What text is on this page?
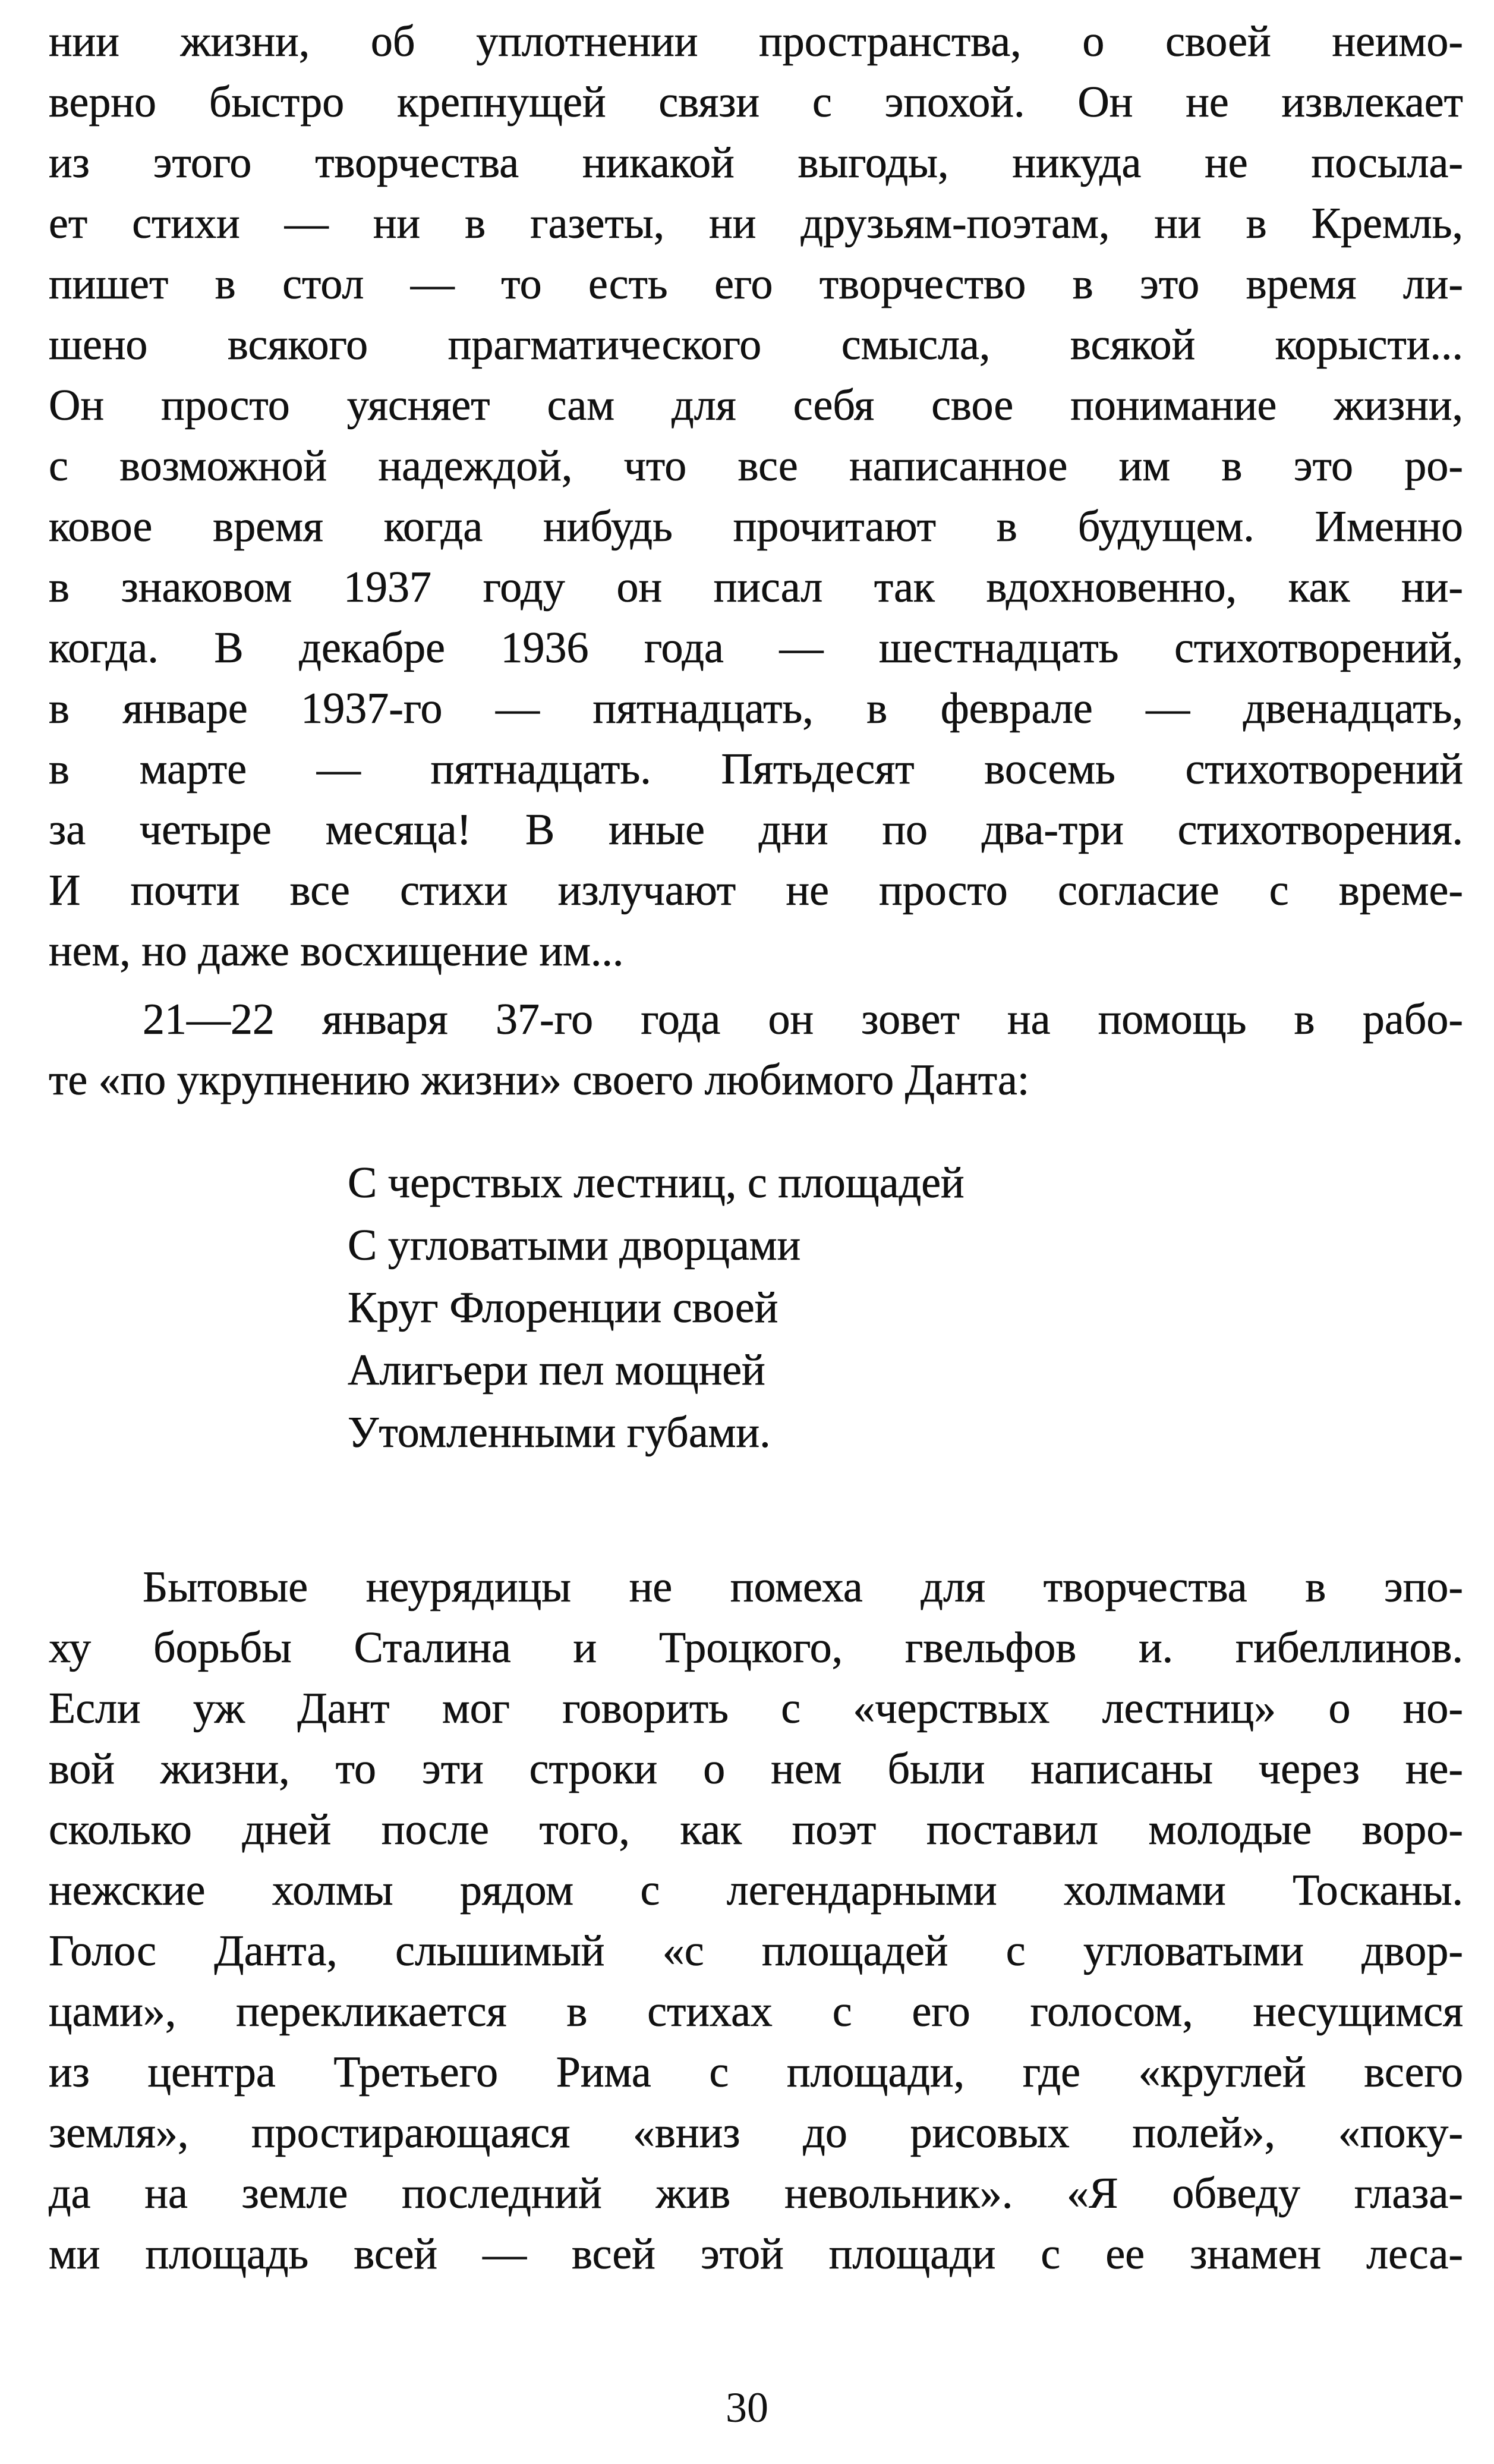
нии жизни, об уплотнении пространства, о своей неимо-
верно быстро крепнущей связи с эпохой. Он не извлекает
из этого творчества никакой выгоды, никуда не посыла-
ет стихи — ни в газеты, ни друзьям-поэтам, ни в Кремль,
пишет в стол — то есть его творчество в это время ли-
шено всякого прагматического смысла, всякой корысти...
Он просто уясняет сам для себя свое понимание жизни,
с возможной надеждой, что все написанное им в это ро-
ковое время когда нибудь прочитают в будущем. Именно
в знаковом 1937 году он писал так вдохновенно, как ни-
когда. В декабре 1936 года — шестнадцать стихотворений,
в январе 1937-го — пятнадцать, в феврале — двенадцать,
в марте — пятнадцать. Пятьдесят восемь стихотворений
за четыре месяца! В иные дни по два-три стихотворения.
И почти все стихи излучают не просто согласие с време-
нем, но даже восхищение им...
21—22 января 37-го года он зовет на помощь в рабо-
те «по укрупнению жизни» своего любимого Данта:
С черствых лестниц, с площадей
С угловатыми дворцами
Круг Флоренции своей
Алигьери пел мощней
Утомленными губами.
Бытовые неурядицы не помеха для творчества в эпо-
ху борьбы Сталина и Троцкого, гвельфов и. гибеллинов.
Если уж Дант мог говорить с «черствых лестниц» о но-
вой жизни, то эти строки о нем были написаны через не-
сколько дней после того, как поэт поставил молодые воро-
нежские холмы рядом с легендарными холмами Тосканы.
Голос Данта, слышимый «с площадей с угловатыми двор-
цами», перекликается в стихах с его голосом, несущимся
из центра Третьего Рима с площади, где «круглей всего
земля», простирающаяся «вниз до рисовых полей», «поку-
да на земле последний жив невольник». «Я обведу глаза-
ми площадь всей — всей этой площади с ее знамен леса-
30
